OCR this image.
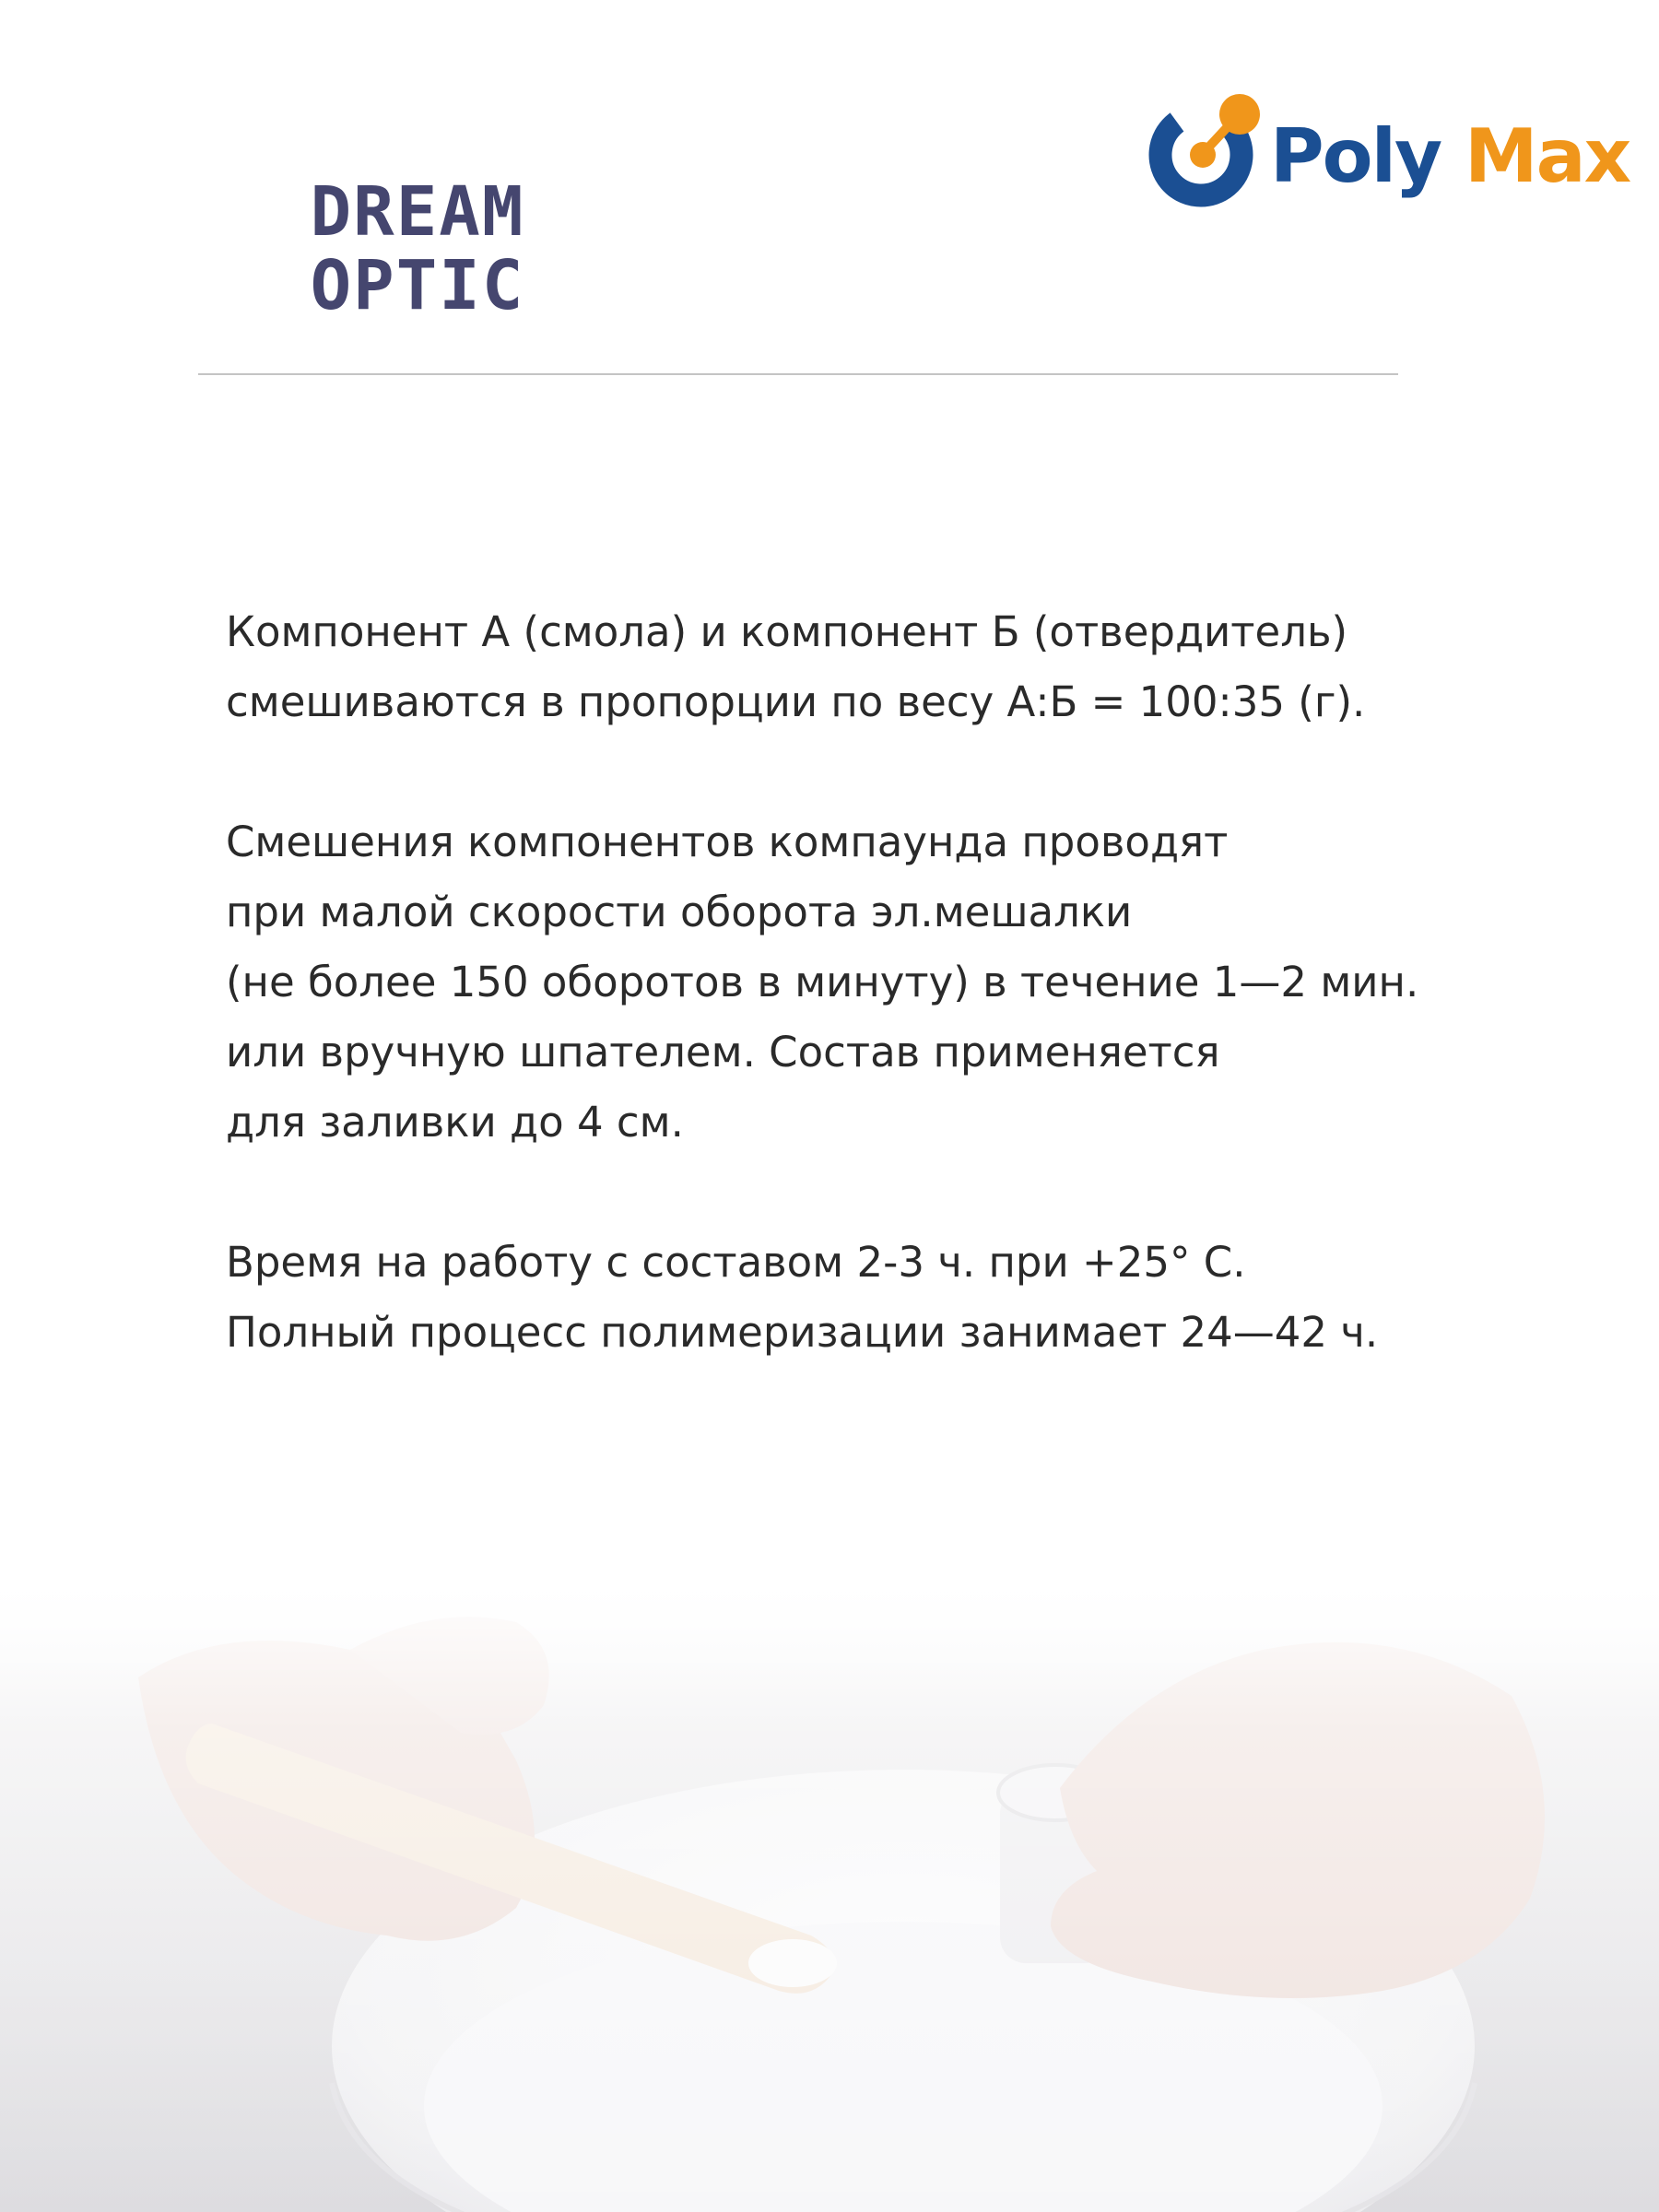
DREAM
OPTIC
Poly Max
Компонент А (смола) и компонент Б (отвердитель)
смешиваются в пропорции по весу А:Б = 100:35 (г).
Смешения компонентов компаунда проводят
при малой скорости оборота эл.мешалки
(не более 150 оборотов в минуту) в течение 1—2 мин.
или вручную шпателем. Состав применяется
для заливки до 4 см.
Время на работу с составом 2-3 ч. при +25° С.
Полный процесс полимеризации занимает 24—42 ч.
